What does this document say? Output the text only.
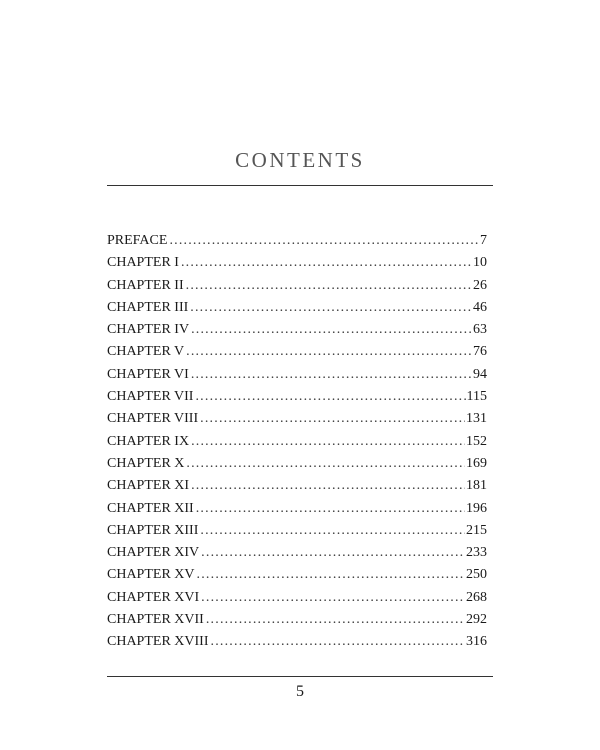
CONTENTS
PREFACE .....	7
CHAPTER I .....	10
CHAPTER II .....	26
CHAPTER III .....	46
CHAPTER IV .....	63
CHAPTER V .....	76
CHAPTER VI .....	94
CHAPTER VII .....	115
CHAPTER VIII .....	131
CHAPTER IX .....	152
CHAPTER X .....	169
CHAPTER XI .....	181
CHAPTER XII .....	196
CHAPTER XIII .....	215
CHAPTER XIV .....	233
CHAPTER XV .....	250
CHAPTER XVI .....	268
CHAPTER XVII .....	292
CHAPTER XVIII .....	316
5
